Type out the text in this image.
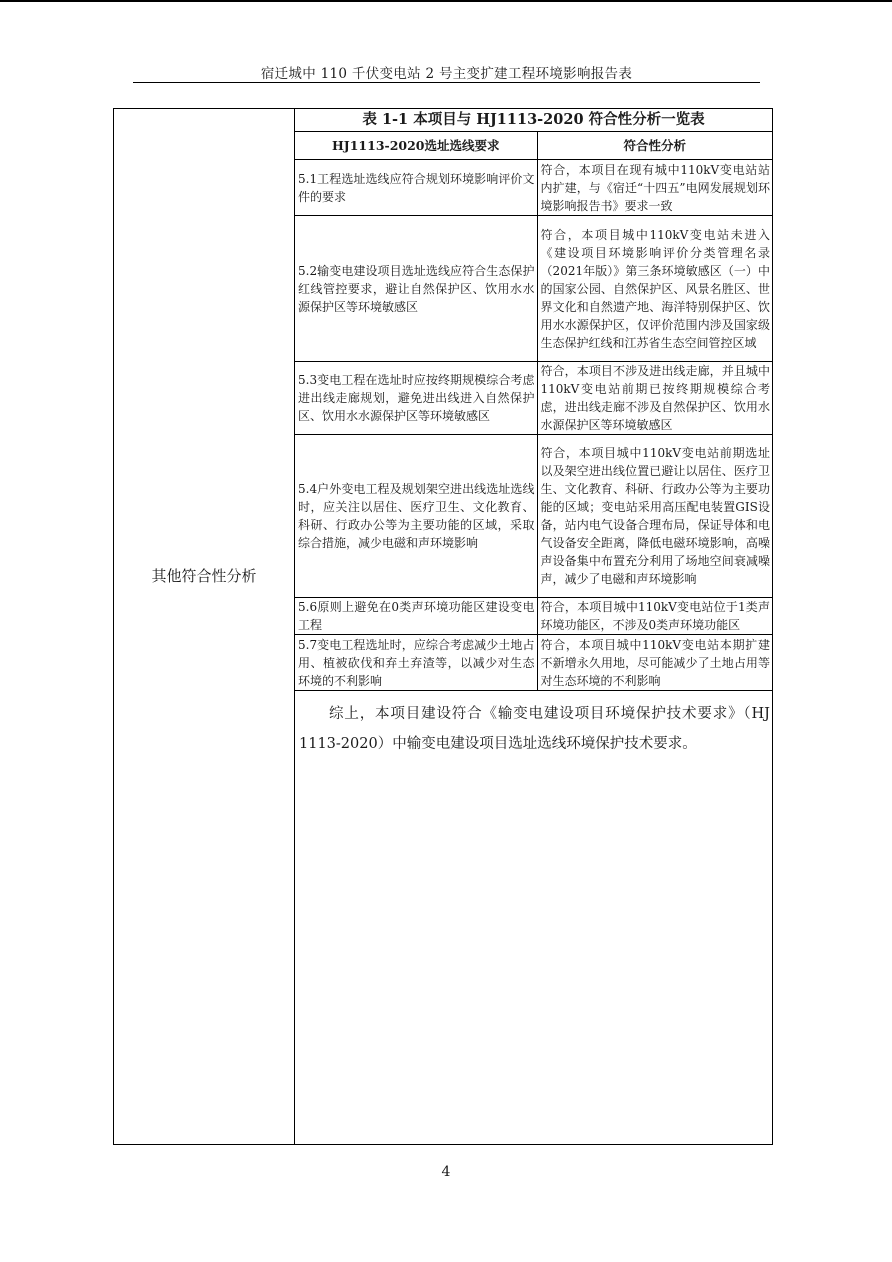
宿迁城中 110 千伏变电站 2 号主变扩建工程环境影响报告表
其他符合性分析
表 1-1 本项目与 HJ1113-2020 符合性分析一览表
HJ1113-2020选址选线要求	符合性分析
5.1工程选址选线应符合规划环境影响评价文件的要求	符合，本项目在现有城中110kV变电站站内扩建，与《宿迁“十四五”电网发展规划环境影响报告书》要求一致
5.2输变电建设项目选址选线应符合生态保护红线管控要求，避让自然保护区、饮用水水源保护区等环境敏感区	符合，本项目城中110kV变电站未进入《建设项目环境影响评价分类管理名录（2021年版）》第三条环境敏感区（一）中的国家公园、自然保护区、风景名胜区、世界文化和自然遗产地、海洋特别保护区、饮用水水源保护区，仅评价范围内涉及国家级生态保护红线和江苏省生态空间管控区域
5.3变电工程在选址时应按终期规模综合考虑进出线走廊规划，避免进出线进入自然保护区、饮用水水源保护区等环境敏感区	符合，本项目不涉及进出线走廊，并且城中110kV变电站前期已按终期规模综合考虑，进出线走廊不涉及自然保护区、饮用水水源保护区等环境敏感区
5.4户外变电工程及规划架空进出线选址选线时，应关注以居住、医疗卫生、文化教育、科研、行政办公等为主要功能的区域，采取综合措施，减少电磁和声环境影响	符合，本项目城中110kV变电站前期选址以及架空进出线位置已避让以居住、医疗卫生、文化教育、科研、行政办公等为主要功能的区域；变电站采用高压配电装置GIS设备，站内电气设备合理布局，保证导体和电气设备安全距离，降低电磁环境影响，高噪声设备集中布置充分利用了场地空间衰减噪声，减少了电磁和声环境影响
5.6原则上避免在0类声环境功能区建设变电工程	符合，本项目城中110kV变电站位于1类声环境功能区，不涉及0类声环境功能区
5.7变电工程选址时，应综合考虑减少土地占用、植被砍伐和弃土弃渣等，以减少对生态环境的不利影响	符合，本项目城中110kV变电站本期扩建不新增永久用地，尽可能减少了土地占用等对生态环境的不利影响
综上，本项目建设符合《输变电建设项目环境保护技术要求》（HJ 1113-2020）中输变电建设项目选址选线环境保护技术要求。
4
